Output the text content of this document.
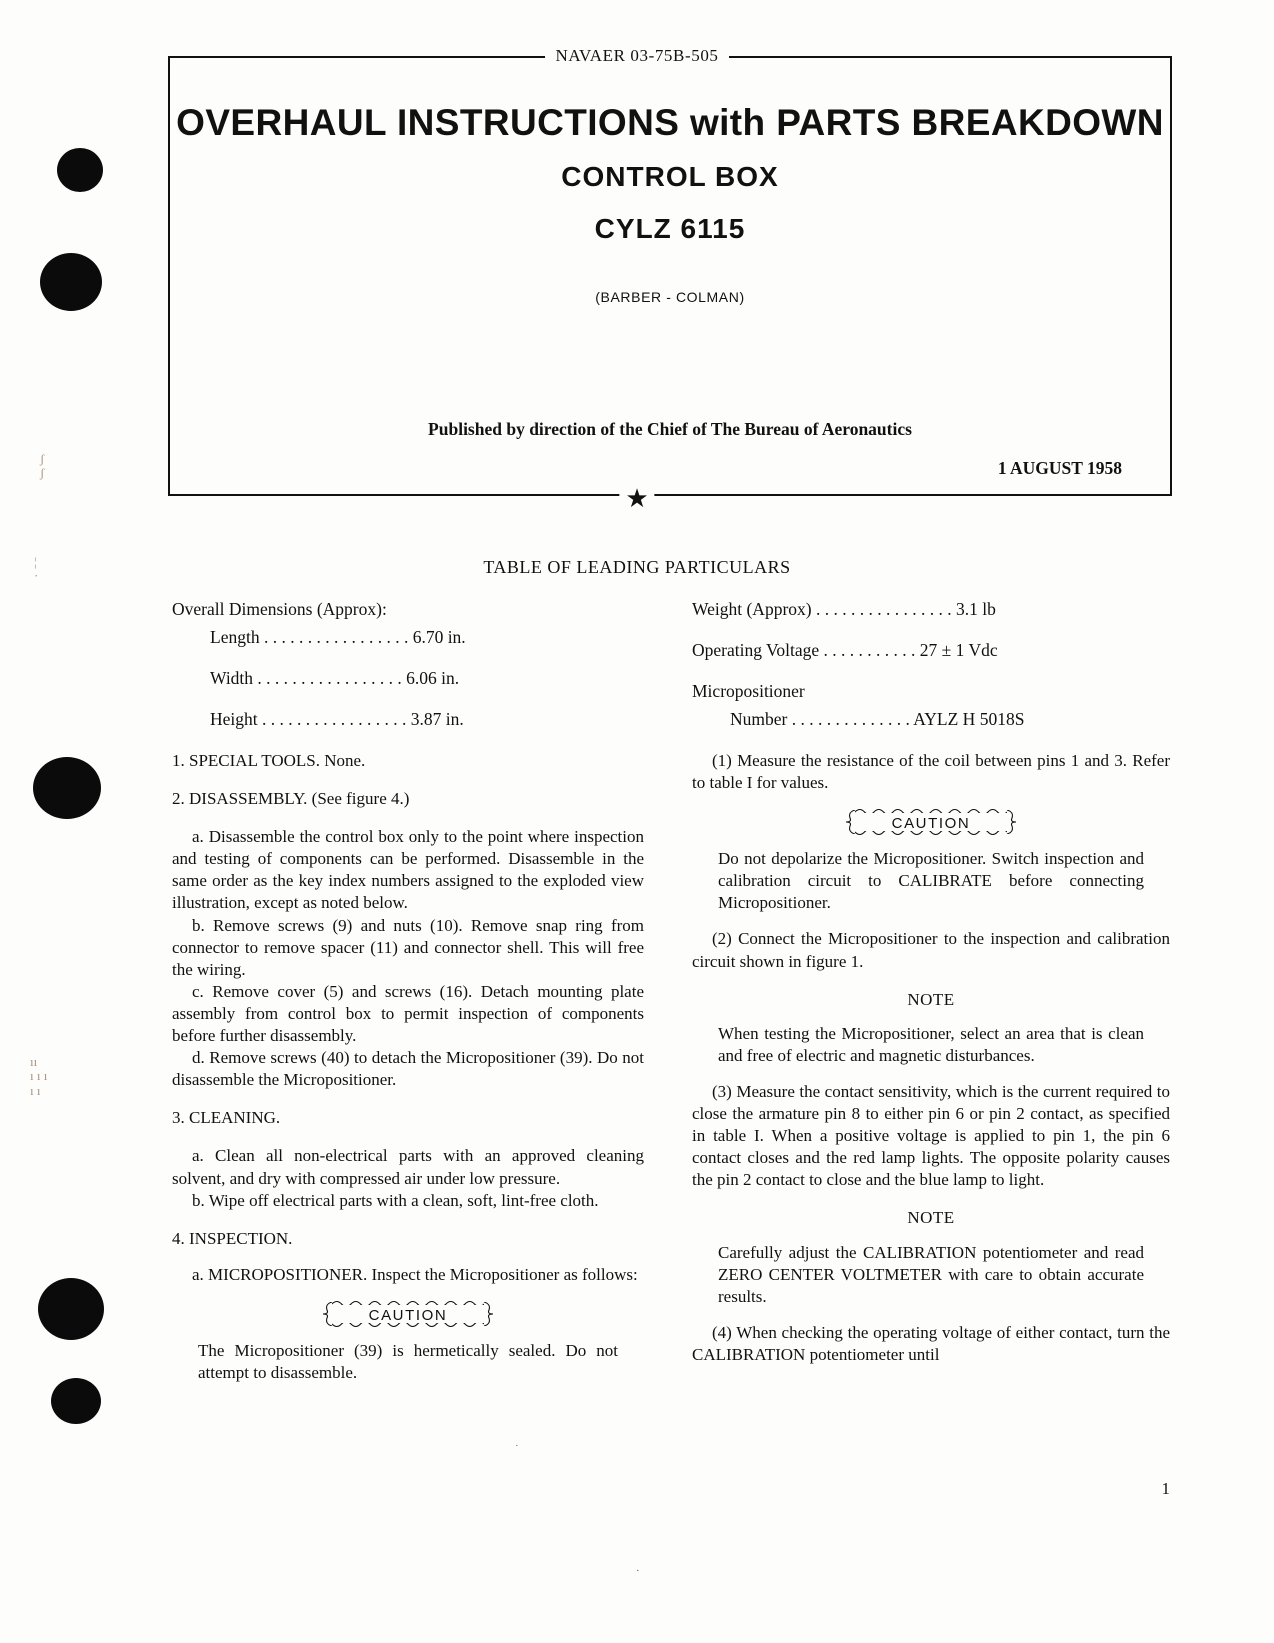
ʃ
ʃ
¦
·
ıı
ı ı ı
ı ı
OVERHAUL INSTRUCTIONS with PARTS BREAKDOWN
CONTROL BOX
CYLZ 6115
(BARBER - COLMAN)
Published by direction of the Chief of The Bureau of Aeronautics
1 AUGUST 1958
NAVAER 03-75B-505
★
TABLE OF LEADING PARTICULARS
Overall Dimensions (Approx):
Length . . . . . . . . . . . . . . . . . 6.70 in.
Width . . . . . . . . . . . . . . . . . 6.06 in.
Height . . . . . . . . . . . . . . . . . 3.87 in.
Weight (Approx) . . . . . . . . . . . . . . . . 3.1 lb
Operating Voltage . . . . . . . . . . . 27 ± 1 Vdc
Micropositioner
Number . . . . . . . . . . . . . . AYLZ H 5018S

1. SPECIAL TOOLS. None.

2. DISASSEMBLY. (See figure 4.)

a. Disassemble the control box only to the point where inspection and testing of components can be performed. Disassemble in the same order as the key index numbers assigned to the exploded view illustration, except as noted below.

b. Remove screws (9) and nuts (10). Remove snap ring from connector to remove spacer (11) and connector shell. This will free the wiring.

c. Remove cover (5) and screws (16). Detach mounting plate assembly from control box to permit inspection of components before further disassembly.

d. Remove screws (40) to detach the Micropositioner (39). Do not disassemble the Micropositioner.

3. CLEANING.

a. Clean all non-electrical parts with an approved cleaning solvent, and dry with compressed air under low pressure.

b. Wipe off electrical parts with a clean, soft, lint-free cloth.

4. INSPECTION.

a. MICROPOSITIONER. Inspect the Micropositioner as follows:

CAUTION

The Micropositioner (39) is hermetically sealed. Do not attempt to disassemble.

(1) Measure the resistance of the coil between pins 1 and 3. Refer to table I for values.

CAUTION

Do not depolarize the Micropositioner. Switch inspection and calibration circuit to CALIBRATE before connecting Micropositioner.

(2) Connect the Micropositioner to the inspection and calibration circuit shown in figure 1.

NOTE

When testing the Micropositioner, select an area that is clean and free of electric and magnetic disturbances.

(3) Measure the contact sensitivity, which is the current required to close the armature pin 8 to either pin 6 or pin 2 contact, as specified in table I. When a positive voltage is applied to pin 1, the pin 6 contact closes and the red lamp lights. The opposite polarity causes the pin 2 contact to close and the blue lamp to light.

NOTE

Carefully adjust the CALIBRATION potentiometer and read ZERO CENTER VOLTMETER with care to obtain accurate results.

(4) When checking the operating voltage of either contact, turn the CALIBRATION potentiometer until

·
1
·
